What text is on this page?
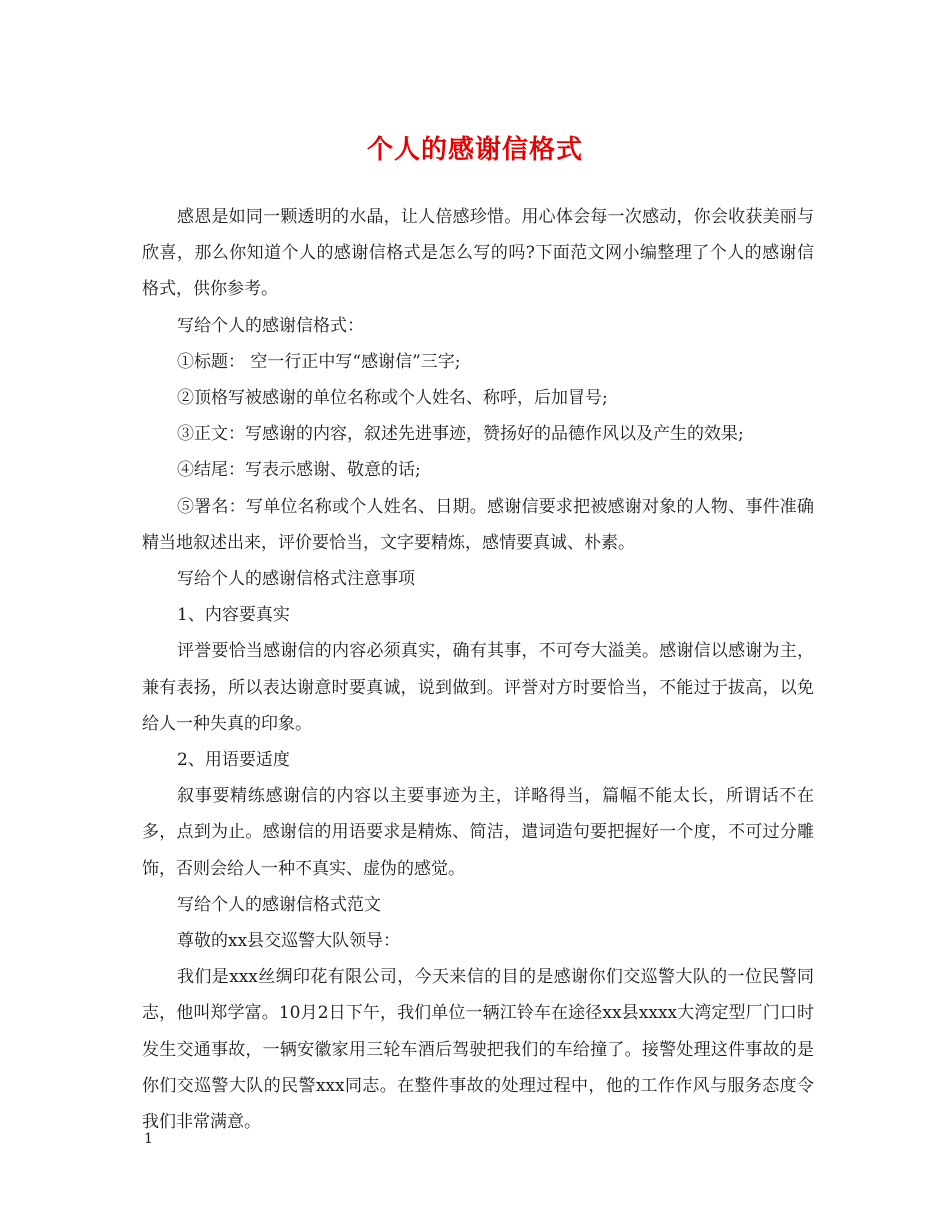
个人的感谢信格式

感恩是如同一颗透明的水晶，让人倍感珍惜。用心体会每一次感动，你会收获美丽与欣喜，那么你知道个人的感谢信格式是怎么写的吗?下面范文网小编整理了个人的感谢信格式，供你参考。

写给个人的感谢信格式：

①标题： 空一行正中写“感谢信”三字;

②顶格写被感谢的单位名称或个人姓名、称呼，后加冒号;

③正文：写感谢的内容，叙述先进事迹，赞扬好的品德作风以及产生的效果;

④结尾：写表示感谢、敬意的话;

⑤署名：写单位名称或个人姓名、日期。感谢信要求把被感谢对象的人物、事件准确精当地叙述出来，评价要恰当，文字要精炼，感情要真诚、朴素。

写给个人的感谢信格式注意事项

1、内容要真实

评誉要恰当感谢信的内容必须真实，确有其事，不可夸大溢美。感谢信以感谢为主，兼有表扬，所以表达谢意时要真诚，说到做到。评誉对方时要恰当，不能过于拔高，以免给人一种失真的印象。

2、用语要适度

叙事要精练感谢信的内容以主要事迹为主，详略得当，篇幅不能太长，所谓话不在多，点到为止。感谢信的用语要求是精炼、简洁，遣词造句要把握好一个度，不可过分雕饰，否则会给人一种不真实、虚伪的感觉。

写给个人的感谢信格式范文

尊敬的xx县交巡警大队领导：

我们是xxx丝绸印花有限公司，今天来信的目的是感谢你们交巡警大队的一位民警同志，他叫郑学富。10月2日下午，我们单位一辆江铃车在途径xx县xxxx大湾定型厂门口时发生交通事故，一辆安徽家用三轮车酒后驾驶把我们的车给撞了。接警处理这件事故的是你们交巡警大队的民警xxx同志。在整件事故的处理过程中，他的工作作风与服务态度令我们非常满意。

1
